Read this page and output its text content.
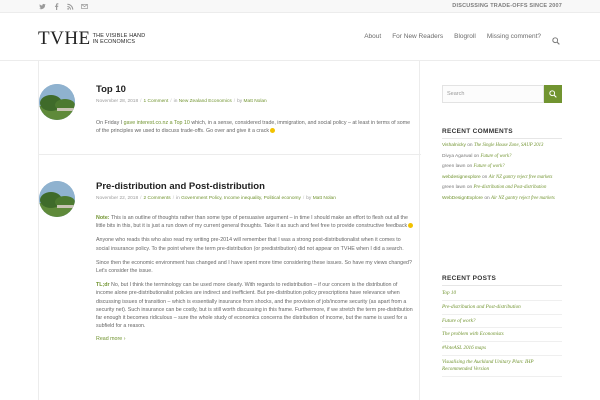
DISCUSSING TRADE-OFFS SINCE 2007
TVHE THE VISIBLE HAND
IN ECONOMICS
About For New Readers Blogroll Missing comment?
Top 10
November 28, 2018 / 1 Comment / in New Zealand Economics / by Matt Nolan

On Friday I gave interest.co.nz a Top 10 which, in a sense, considered trade, immigration, and social policy – at least in terms of some of the principles we used to discuss trade-offs. Go over and give it a crack

Pre-distribution and Post-distribution
November 22, 2018 / 2 Comments / in Government Policy, Income inequality, Political economy / by Matt Nolan

Note: This is an outline of thoughts rather than some type of persuasive argument – in time I should make an effort to flesh out all the little bits in this, but it is just a run down of my current general thoughts. Take it as such and feel free to provide constructive feedback

Anyone who reads this who also read my writing pre-2014 will remember that I was a strong post-distributionalist when it comes to social insurance policy. To the point where the term pre-distribution (or predistribution) did not appear on TVHE when I did a search.

Since then the economic environment has changed and I have spent more time considering these issues. So have my views changed? Let's consider the issue.

TL;dr No, but I think the terminology can be used more clearly. With regards to redistribution – if our concern is the distribution of income alone pre-distributionalist policies are indirect and inefficient. But pre-distribution policy prescriptions have relevance when discussing issues of transition – which is essentially insurance from shocks, and the provision of job/income security (as apart from a security net). Such insurance can be costly, but is still worth discussing in this frame. Furthermore, if we stretch the term pre-distribution far enough it becomes ridiculous – sure the whole study of economics concerns the distribution of income, but the name is used for a subfield for a reason.

Read more ›
Search
RECENT COMMENTS
Vishalnicky on The Single House Zone, SAUP 2013
Divya Agarwal on Future of work?
green lawn on Future of work?
webdesignexplore on Air NZ gantry reject free markets
green lawn on Pre-distribution and Post-distribution
WebDesignExplore on Air NZ gantry reject free markets
RECENT POSTS
Top 10
Pre-distribution and Post-distribution
Future of work?
The problem with Economists
#VoteASL 2016 maps
Visualising the Auckland Unitary Plan: IHP Recommended Version
